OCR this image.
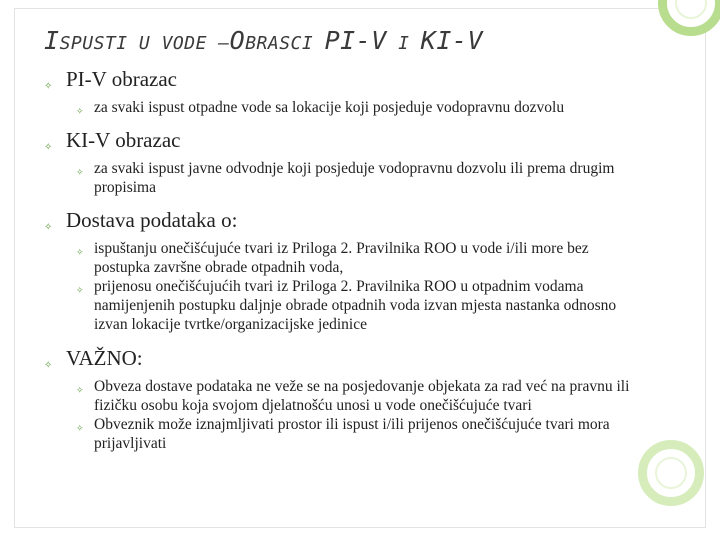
ISPUSTI U VODE –OBRASCI PI-V I KI-V
✧ PI-V obrazac
✧ za svaki ispust otpadne vode sa lokacije koji posjeduje vodopravnu dozvolu
✧ KI-V obrazac
✧ za svaki ispust javne odvodnje koji posjeduje vodopravnu dozvolu ili prema drugim propisima
✧ Dostava podataka o:
✧ ispuštanju onečišćujuće tvari iz Priloga 2. Pravilnika ROO u vode i/ili more bez postupka završne obrade otpadnih voda,
✧ prijenosu onečišćujućih tvari iz Priloga 2. Pravilnika ROO u otpadnim vodama namijenjenih postupku daljnje obrade otpadnih voda izvan mjesta nastanka odnosno izvan lokacije tvrtke/organizacijske jedinice
✧ VAŽNO:
✧ Obveza dostave podataka ne veže se na posjedovanje objekata za rad već na pravnu ili fizičku osobu koja svojom djelatnošću unosi u vode onečišćujuće tvari
✧ Obveznik može iznajmljivati prostor ili ispust i/ili prijenos onečišćujuće tvari mora prijavljivati
